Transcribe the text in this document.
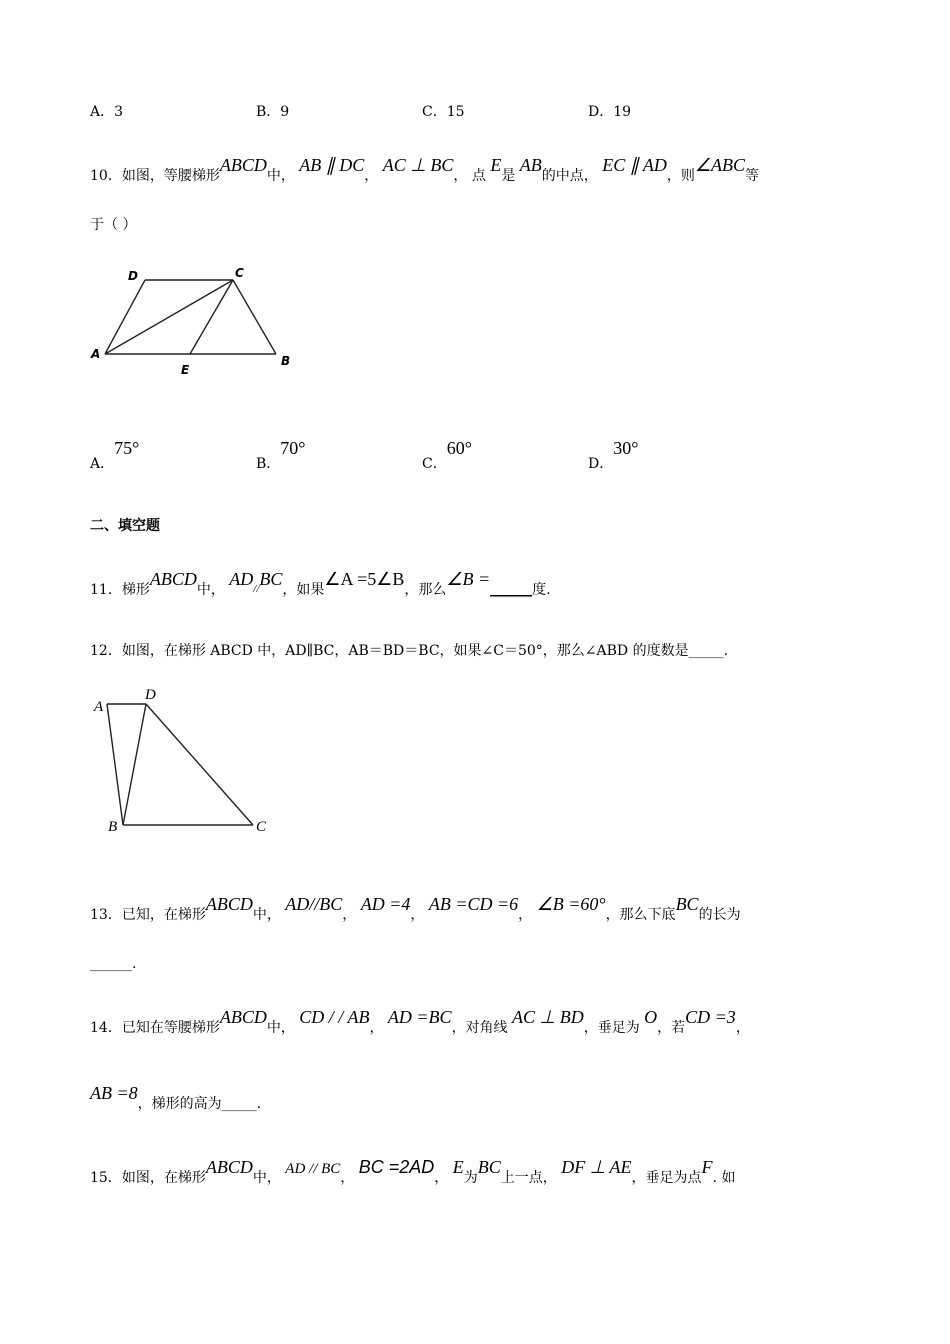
A．3	B．9	C．15	D．19
10．如图，等腰梯形ABCD中， AB ∥ DC， AC ⊥ BC， 点 E是 AB的中点， EC ∥ AD，则∠ABC等
于（ ）
D	C
A
E
B
A．75°
B．70°
C．60°
D．30°
二、填空题
11．梯形ABCD中， AD//BC，如果∠A =5∠B，那么∠B =______度.
12．如图，在梯形 ABCD 中，AD∥BC，AB＝BD＝BC，如果∠C＝50°，那么∠ABD 的度数是_____.
A
D
B	C
13．已知，在梯形ABCD中， AD//BC， AD =4， AB =CD =6， ∠B =60°，那么下底BC的长为
______.
14．已知在等腰梯形ABCD中， CD / / AB， AD =BC，对角线 AC ⊥ BD，垂足为 O，若CD =3，
AB =8，梯形的高为_____.
15．如图，在梯形ABCD中， AD // BC， BC =2AD， E为BC上一点， DF ⊥ AE，垂足为点F. 如
